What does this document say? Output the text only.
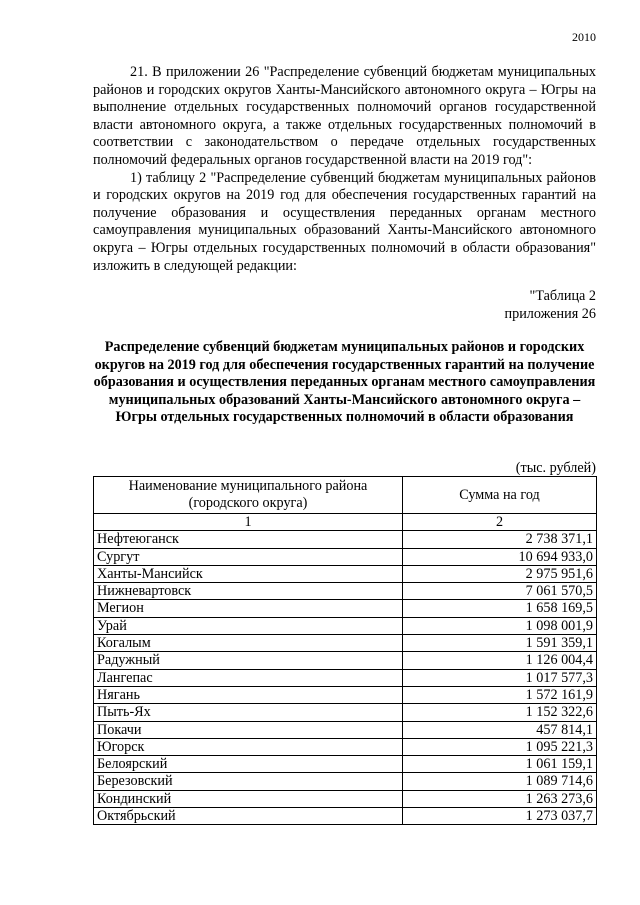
2010

21. В приложении 26 "Распределение субвенций бюджетам муниципальных районов и городских округов Ханты-Мансийского автономного округа – Югры на выполнение отдельных государственных полномочий органов государственной власти автономного округа, а также отдельных государственных полномочий в соответствии с законодательством о передаче отдельных государственных полномочий федеральных органов государственной власти на 2019 год":

1) таблицу 2 "Распределение субвенций бюджетам муниципальных районов и городских округов на 2019 год для обеспечения государственных гарантий на получение образования и осуществления переданных органам местного самоуправления муниципальных образований Ханты-Мансийского автономного округа – Югры отдельных государственных полномочий в области образования" изложить в следующей редакции:

"Таблица 2
приложения 26
Распределение субвенций бюджетам муниципальных районов и городских округов на 2019 год для обеспечения государственных гарантий на получение образования и осуществления переданных органам местного самоуправления муниципальных образований Ханты-Мансийского автономного округа – Югры отдельных государственных полномочий в области образования
(тыс. рублей)
Наименование муниципального района (городского округа)	Сумма на год
1	2
Нефтеюганск	2 738 371,1
Сургут	10 694 933,0
Ханты-Мансийск	2 975 951,6
Нижневартовск	7 061 570,5
Мегион	1 658 169,5
Урай	1 098 001,9
Когалым	1 591 359,1
Радужный	1 126 004,4
Лангепас	1 017 577,3
Нягань	1 572 161,9
Пыть-Ях	1 152 322,6
Покачи	457 814,1
Югорск	1 095 221,3
Белоярский	1 061 159,1
Березовский	1 089 714,6
Кондинский	1 263 273,6
Октябрьский	1 273 037,7
